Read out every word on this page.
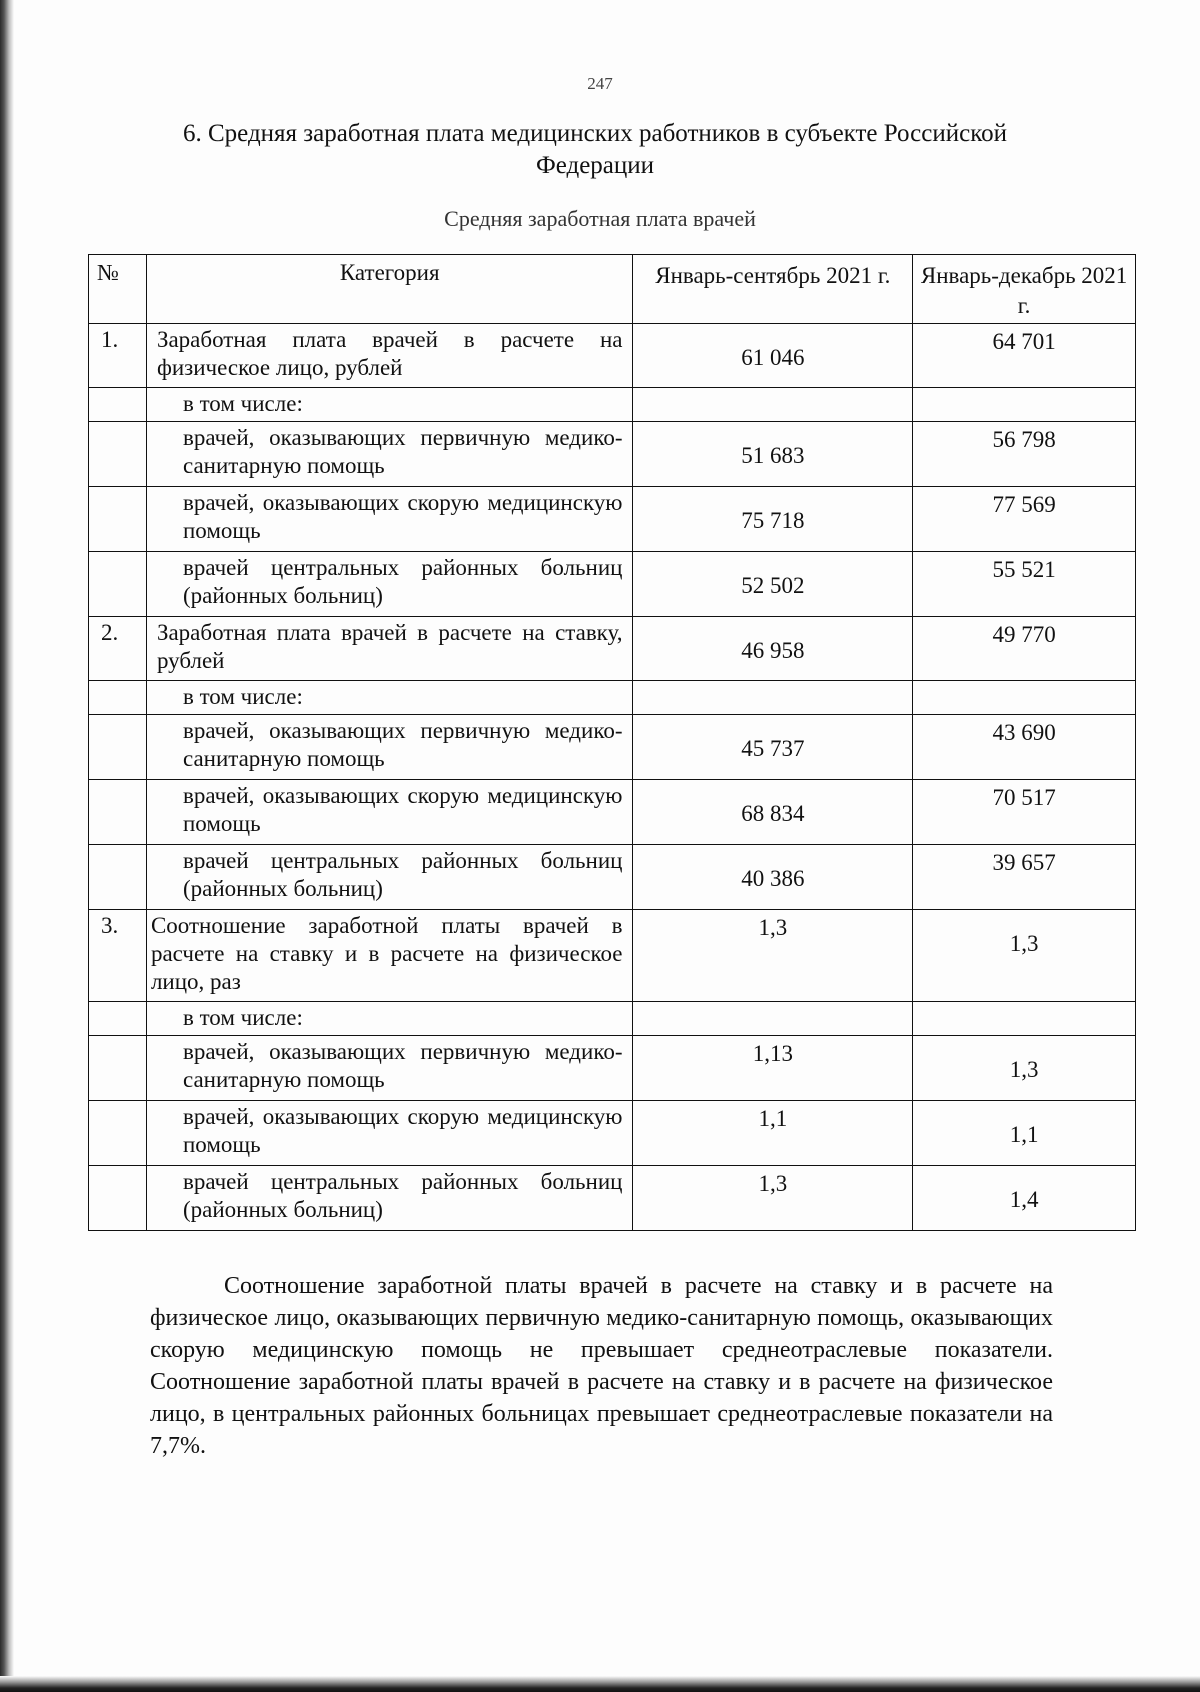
247
6. Средняя заработная плата медицинских работников в субъекте Российской
Федерации
Средняя заработная плата врачей
№	Категория	Январь-сентябрь 2021 г.	Январь-декабрь 2021 г.

1.	Заработная плата врачей в расчете на физическое лицо, рублей	61 046	64 701

	в том числе:		

	врачей, оказывающих первичную медико-санитарную помощь	51 683	56 798

	врачей, оказывающих скорую медицинскую помощь	75 718	77 569

	врачей центральных районных больниц (районных больниц)	52 502	55 521

2.	Заработная плата врачей в расчете на ставку, рублей	46 958	49 770

	в том числе:		

	врачей, оказывающих первичную медико-санитарную помощь	45 737	43 690

	врачей, оказывающих скорую медицинскую помощь	68 834	70 517

	врачей центральных районных больниц (районных больниц)	40 386	39 657

3.	Соотношение заработной платы врачей в расчете на ставку и в расчете на физическое лицо, раз	1,3	1,3

	в том числе:		

	врачей, оказывающих первичную медико-санитарную помощь	1,13	1,3

	врачей, оказывающих скорую медицинскую помощь	1,1	1,1

	врачей центральных районных больниц (районных больниц)	1,3	1,4

Соотношение заработной платы врачей в расчете на ставку и в расчете на физическое лицо, оказывающих первичную медико-санитарную помощь, оказывающих скорую медицинскую помощь не превышает среднеотраслевые показатели. Соотношение заработной платы врачей в расчете на ставку и в расчете на физическое лицо, в центральных районных больницах превышает среднеотраслевые показатели на 7,7%.
